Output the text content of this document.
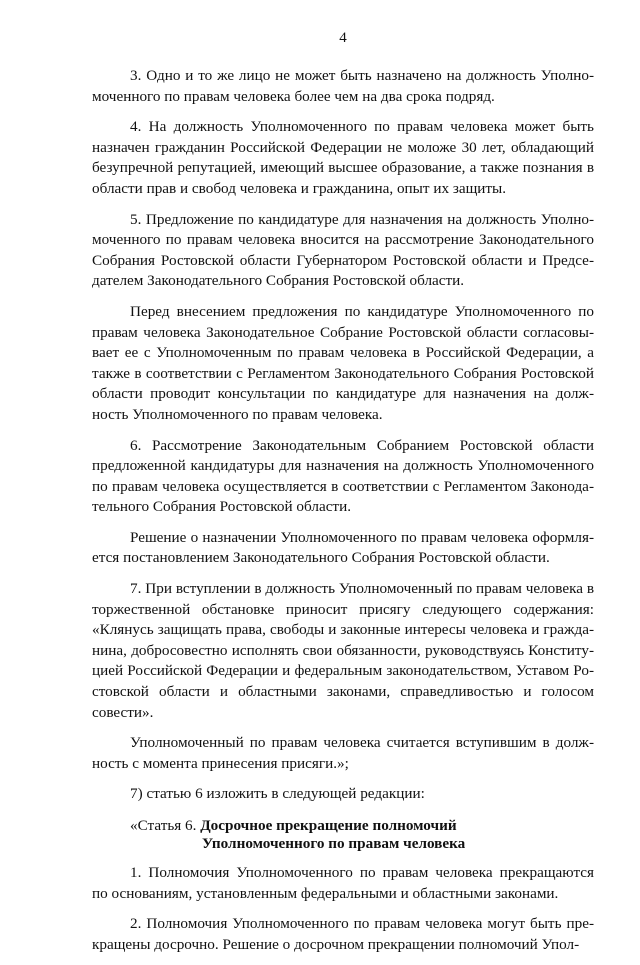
4

3. Одно и то же лицо не может быть назначено на должность Уполномоченного по правам человека более чем на два срока подряд.

4. На должность Уполномоченного по правам человека может быть назначен гражданин Российской Федерации не моложе 30 лет, обладающий безупречной репутацией, имеющий высшее образование, а также познания в области прав и свобод человека и гражданина, опыт их защиты.

5. Предложение по кандидатуре для назначения на должность Уполномоченного по правам человека вносится на рассмотрение Законодательного Собрания Ростовской области Губернатором Ростовской области и Председателем Законодательного Собрания Ростовской области.

Перед внесением предложения по кандидатуре Уполномоченного по правам человека Законодательное Собрание Ростовской области согласовывает ее с Уполномоченным по правам человека в Российской Федерации, а также в соответствии с Регламентом Законодательного Собрания Ростовской области проводит консультации по кандидатуре для назначения на должность Уполномоченного по правам человека.

6. Рассмотрение Законодательным Собранием Ростовской области предложенной кандидатуры для назначения на должность Уполномоченного по правам человека осуществляется в соответствии с Регламентом Законодательного Собрания Ростовской области.

Решение о назначении Уполномоченного по правам человека оформляется постановлением Законодательного Собрания Ростовской области.

7. При вступлении в должность Уполномоченный по правам человека в торжественной обстановке приносит присягу следующего содержания: «Клянусь защищать права, свободы и законные интересы человека и гражданина, добросовестно исполнять свои обязанности, руководствуясь Конституцией Российской Федерации и федеральным законодательством, Уставом Ростовской области и областными законами, справедливостью и голосом совести».

Уполномоченный по правам человека считается вступившим в должность с момента принесения присяги.»;

7) статью 6 изложить в следующей редакции:

«Статья 6. Досрочное прекращение полномочий
Уполномоченного по правам человека

1. Полномочия Уполномоченного по правам человека прекращаются по основаниям, установленным федеральными и областными законами.

2. Полномочия Уполномоченного по правам человека могут быть прекращены досрочно. Решение о досрочном прекращении полномочий Упол-
